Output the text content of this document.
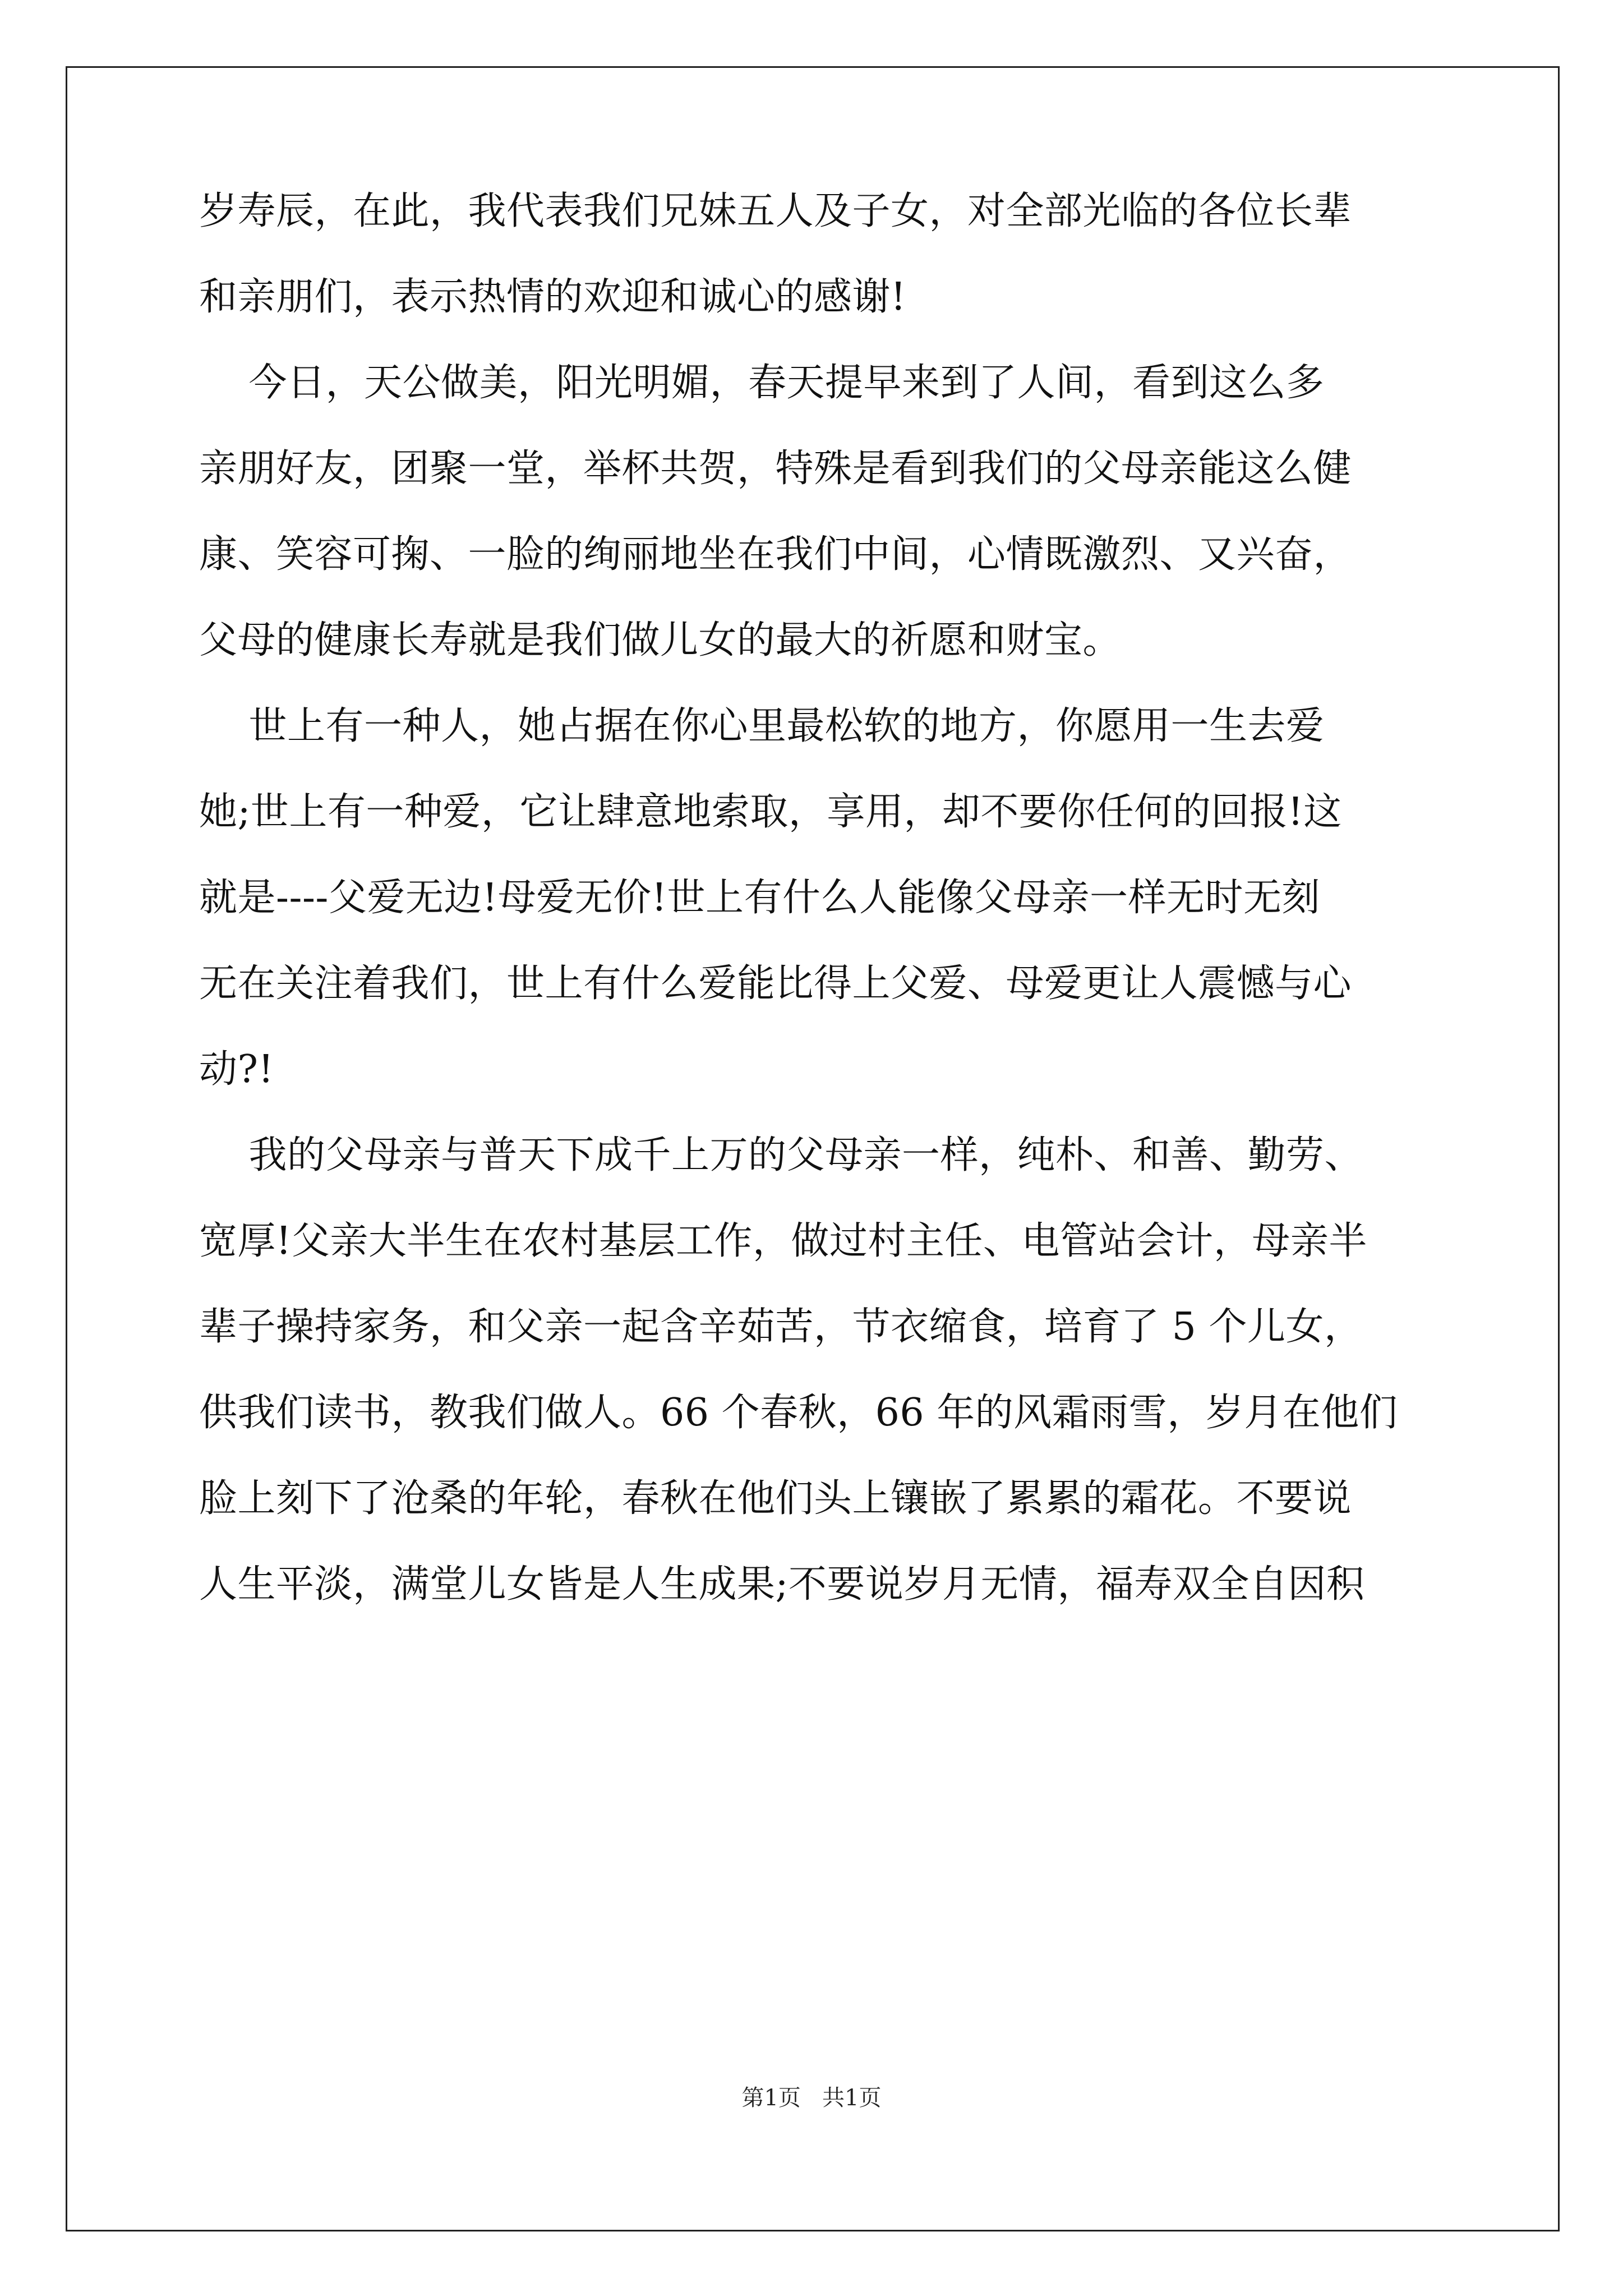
岁寿辰，在此，我代表我们兄妹五人及子女，对全部光临的各位长辈
和亲朋们，表示热情的欢迎和诚心的感谢!
今日，天公做美，阳光明媚，春天提早来到了人间，看到这么多
亲朋好友，团聚一堂，举杯共贺，特殊是看到我们的父母亲能这么健
康、笑容可掬、一脸的绚丽地坐在我们中间，心情既激烈、又兴奋，
父母的健康长寿就是我们做儿女的最大的祈愿和财宝。
世上有一种人，她占据在你心里最松软的地方，你愿用一生去爱
她;世上有一种爱，它让肆意地索取，享用，却不要你任何的回报!这
就是----父爱无边!母爱无价!世上有什么人能像父母亲一样无时无刻
无在关注着我们，世上有什么爱能比得上父爱、母爱更让人震憾与心
动?!
我的父母亲与普天下成千上万的父母亲一样，纯朴、和善、勤劳、
宽厚!父亲大半生在农村基层工作，做过村主任、电管站会计，母亲半
辈子操持家务，和父亲一起含辛茹苦，节衣缩食，培育了 5 个儿女，
供我们读书，教我们做人。66 个春秋，66 年的风霜雨雪，岁月在他们
脸上刻下了沧桑的年轮，春秋在他们头上镶嵌了累累的霜花。不要说
人生平淡，满堂儿女皆是人生成果;不要说岁月无情，福寿双全自因积
第1页   共1页
